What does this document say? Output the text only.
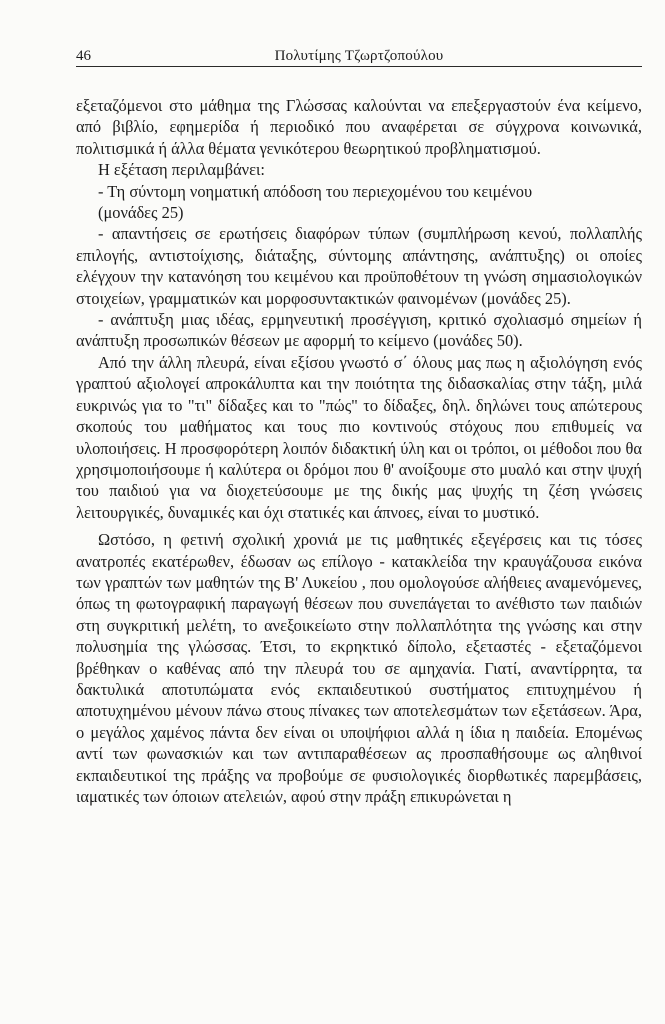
46	Πολυτίμης Τζωρτζοπούλου

εξεταζόμενοι στο μάθημα της Γλώσσας καλούνται να επεξεργαστούν ένα κείμενο, από βιβλίο, εφημερίδα ή περιοδικό που αναφέρεται σε σύγχρονα κοινωνικά, πολιτισμικά ή άλλα θέματα γενικότερου θεωρητικού προβληματισμού.

Η εξέταση περιλαμβάνει:

- Τη σύντομη νοηματική απόδοση του περιεχομένου του κειμένου

(μονάδες 25)

- απαντήσεις σε ερωτήσεις διαφόρων τύπων (συμπλήρωση κενού, πολλαπλής επιλογής, αντιστοίχισης, διάταξης, σύντομης απάντησης, ανάπτυξης) οι οποίες ελέγχουν την κατανόηση του κειμένου και προϋποθέτουν τη γνώση σημασιολογικών στοιχείων, γραμματικών και μορφοσυντακτικών φαινομένων (μονάδες 25).

- ανάπτυξη μιας ιδέας, ερμηνευτική προσέγγιση, κριτικό σχολιασμό σημείων ή ανάπτυξη προσωπικών θέσεων με αφορμή το κείμενο (μονάδες 50).

Από την άλλη πλευρά, είναι εξίσου γνωστό σ΄ όλους μας πως η αξιολόγηση ενός γραπτού αξιολογεί απροκάλυπτα και την ποιότητα της διδασκαλίας στην τάξη, μιλά ευκρινώς για το "τι" δίδαξες και το "πώς" το δίδαξες, δηλ. δηλώνει τους απώτερους σκοπούς του μαθήματος και τους πιο κοντινούς στόχους που επιθυμείς να υλοποιήσεις. Η προσφορότερη λοιπόν διδακτική ύλη και οι τρόποι, οι μέθοδοι που θα χρησιμοποιήσουμε ή καλύτερα οι δρόμοι που θ' ανοίξουμε στο μυαλό και στην ψυχή του παιδιού για να διοχετεύσουμε με της δικής μας ψυχής τη ζέση γνώσεις λειτουργικές, δυναμικές και όχι στατικές και άπνοες, είναι το μυστικό.

Ωστόσο, η φετινή σχολική χρονιά με τις μαθητικές εξεγέρσεις και τις τόσες ανατροπές εκατέρωθεν, έδωσαν ως επίλογο - κατακλείδα την κραυγάζουσα εικόνα των γραπτών των μαθητών της Β' Λυκείου , που ομολογούσε αλήθειες αναμενόμενες, όπως τη φωτογραφική παραγωγή θέσεων που συνεπάγεται το ανέθιστο των παιδιών στη συγκριτική μελέτη, το ανεξοικείωτο στην πολλαπλότητα της γνώσης και στην πολυσημία της γλώσσας. Έτσι, το εκρηκτικό δίπολο, εξεταστές - εξεταζόμενοι βρέθηκαν ο καθένας από την πλευρά του σε αμηχανία. Γιατί, αναντίρρητα, τα δακτυλικά αποτυπώματα ενός εκπαιδευτικού συστήματος επιτυχημένου ή αποτυχημένου μένουν πάνω στους πίνακες των αποτελεσμάτων των εξετάσεων. Άρα, ο μεγάλος χαμένος πάντα δεν είναι οι υποψήφιοι αλλά η ίδια η παιδεία. Επομένως αντί των φωνασκιών και των αντιπαραθέσεων ας προσπαθήσουμε ως αληθινοί εκπαιδευτικοί της πράξης να προβούμε σε φυσιολογικές διορθωτικές παρεμβάσεις, ιαματικές των όποιων ατελειών, αφού στην πράξη επικυρώνεται η
